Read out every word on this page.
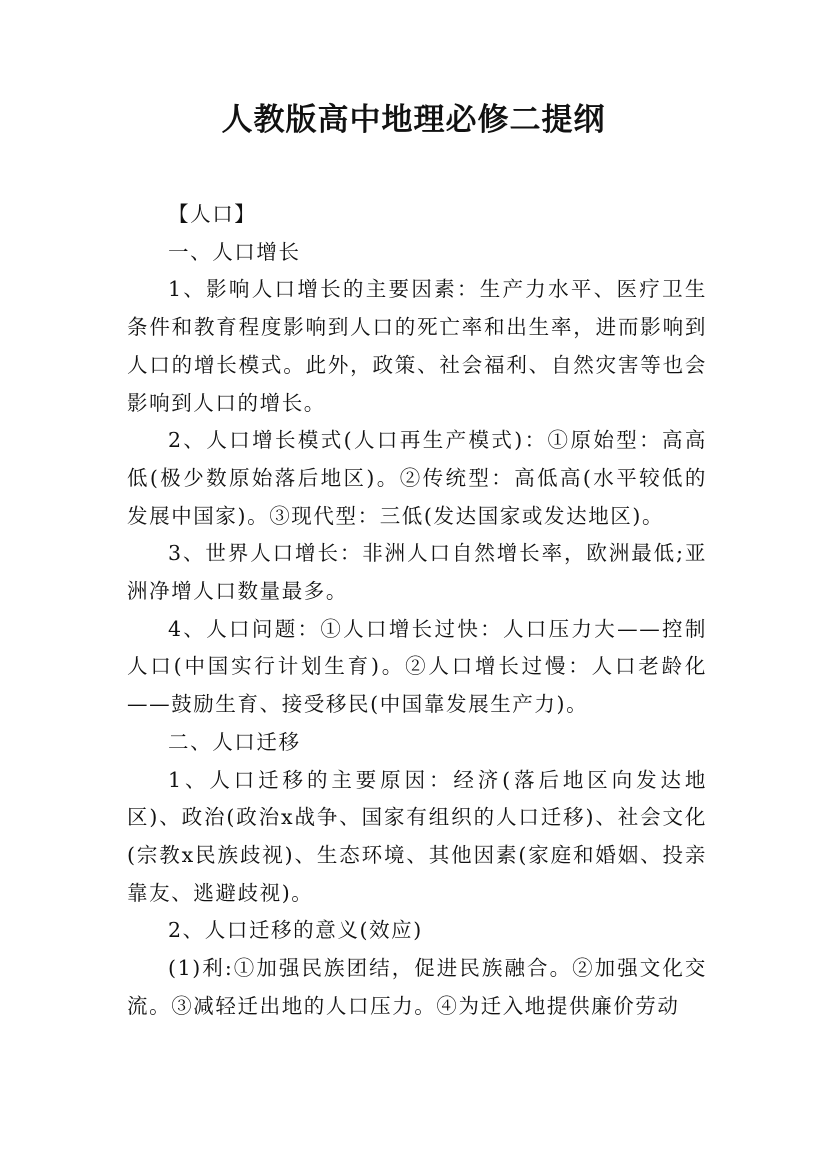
人教版高中地理必修二提纲

【人口】

一、人口增长

1、影响人口增长的主要因素：生产力水平、医疗卫生条件和教育程度影响到人口的死亡率和出生率，进而影响到人口的增长模式。此外，政策、社会福利、自然灾害等也会影响到人口的增长。

2、人口增长模式(人口再生产模式)：①原始型：高高低(极少数原始落后地区)。②传统型：高低高(水平较低的发展中国家)。③现代型：三低(发达国家或发达地区)。

3、世界人口增长：非洲人口自然增长率，欧洲最低;亚洲净增人口数量最多。

4、人口问题：①人口增长过快：人口压力大——控制人口(中国实行计划生育)。②人口增长过慢：人口老龄化——鼓励生育、接受移民(中国靠发展生产力)。

二、人口迁移

1、人口迁移的主要原因：经济(落后地区向发达地区)、政治(政治x战争、国家有组织的人口迁移)、社会文化(宗教x民族歧视)、生态环境、其他因素(家庭和婚姻、投亲靠友、逃避歧视)。

2、人口迁移的意义(效应)

(1)利:①加强民族团结，促进民族融合。②加强文化交流。③减轻迁出地的人口压力。④为迁入地提供廉价劳动
